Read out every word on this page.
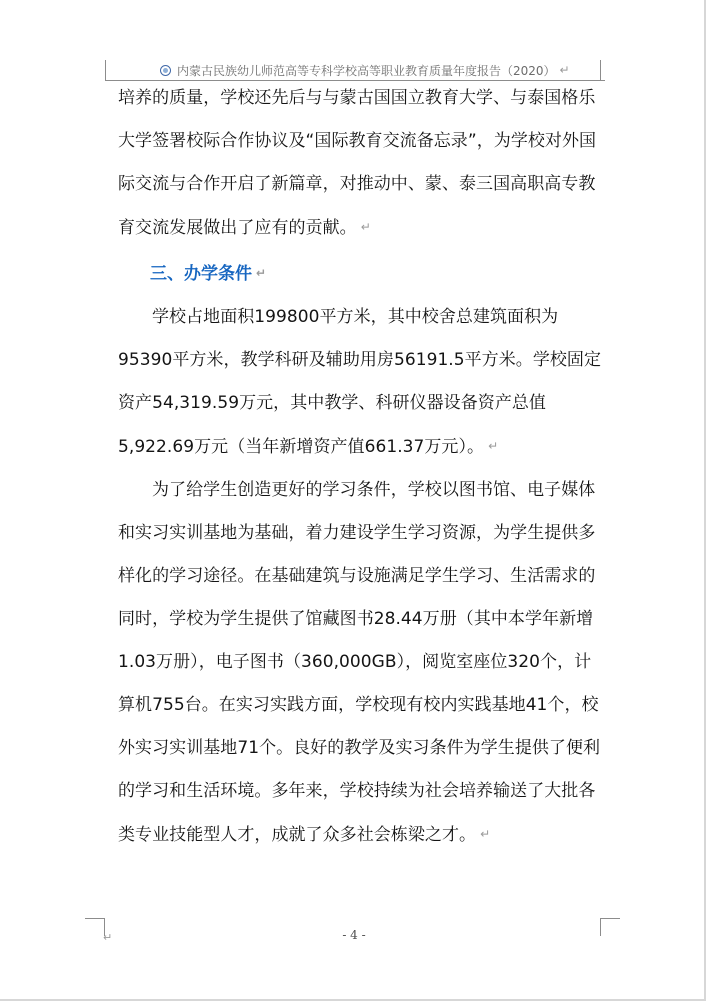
内蒙古民族幼儿师范高等专科学校高等职业教育质量年度报告（2020） ↵

培养的质量，学校还先后与与蒙古国国立教育大学、与泰国格乐大学签署校际合作协议及“国际教育交流备忘录”，为学校对外国际交流与合作开启了新篇章，对推动中、蒙、泰三国高职高专教育交流发展做出了应有的贡献。 ↵

三、办学条件 ↵

学校占地面积199800平方米，其中校舍总建筑面积为95390平方米，教学科研及辅助用房56191.5平方米。学校固定资产54,319.59万元，其中教学、科研仪器设备资产总值5,922.69万元（当年新增资产值661.37万元）。 ↵

为了给学生创造更好的学习条件，学校以图书馆、电子媒体和实习实训基地为基础，着力建设学生学习资源，为学生提供多样化的学习途径。在基础建筑与设施满足学生学习、生活需求的同时，学校为学生提供了馆藏图书28.44万册（其中本学年新增1.03万册），电子图书（360,000GB），阅览室座位320个，计算机755台。在实习实践方面，学校现有校内实践基地41个，校外实习实训基地71个。良好的教学及实习条件为学生提供了便利的学习和生活环境。多年来，学校持续为社会培养输送了大批各类专业技能型人才，成就了众多社会栋梁之才。 ↵

↵	- 4 -
